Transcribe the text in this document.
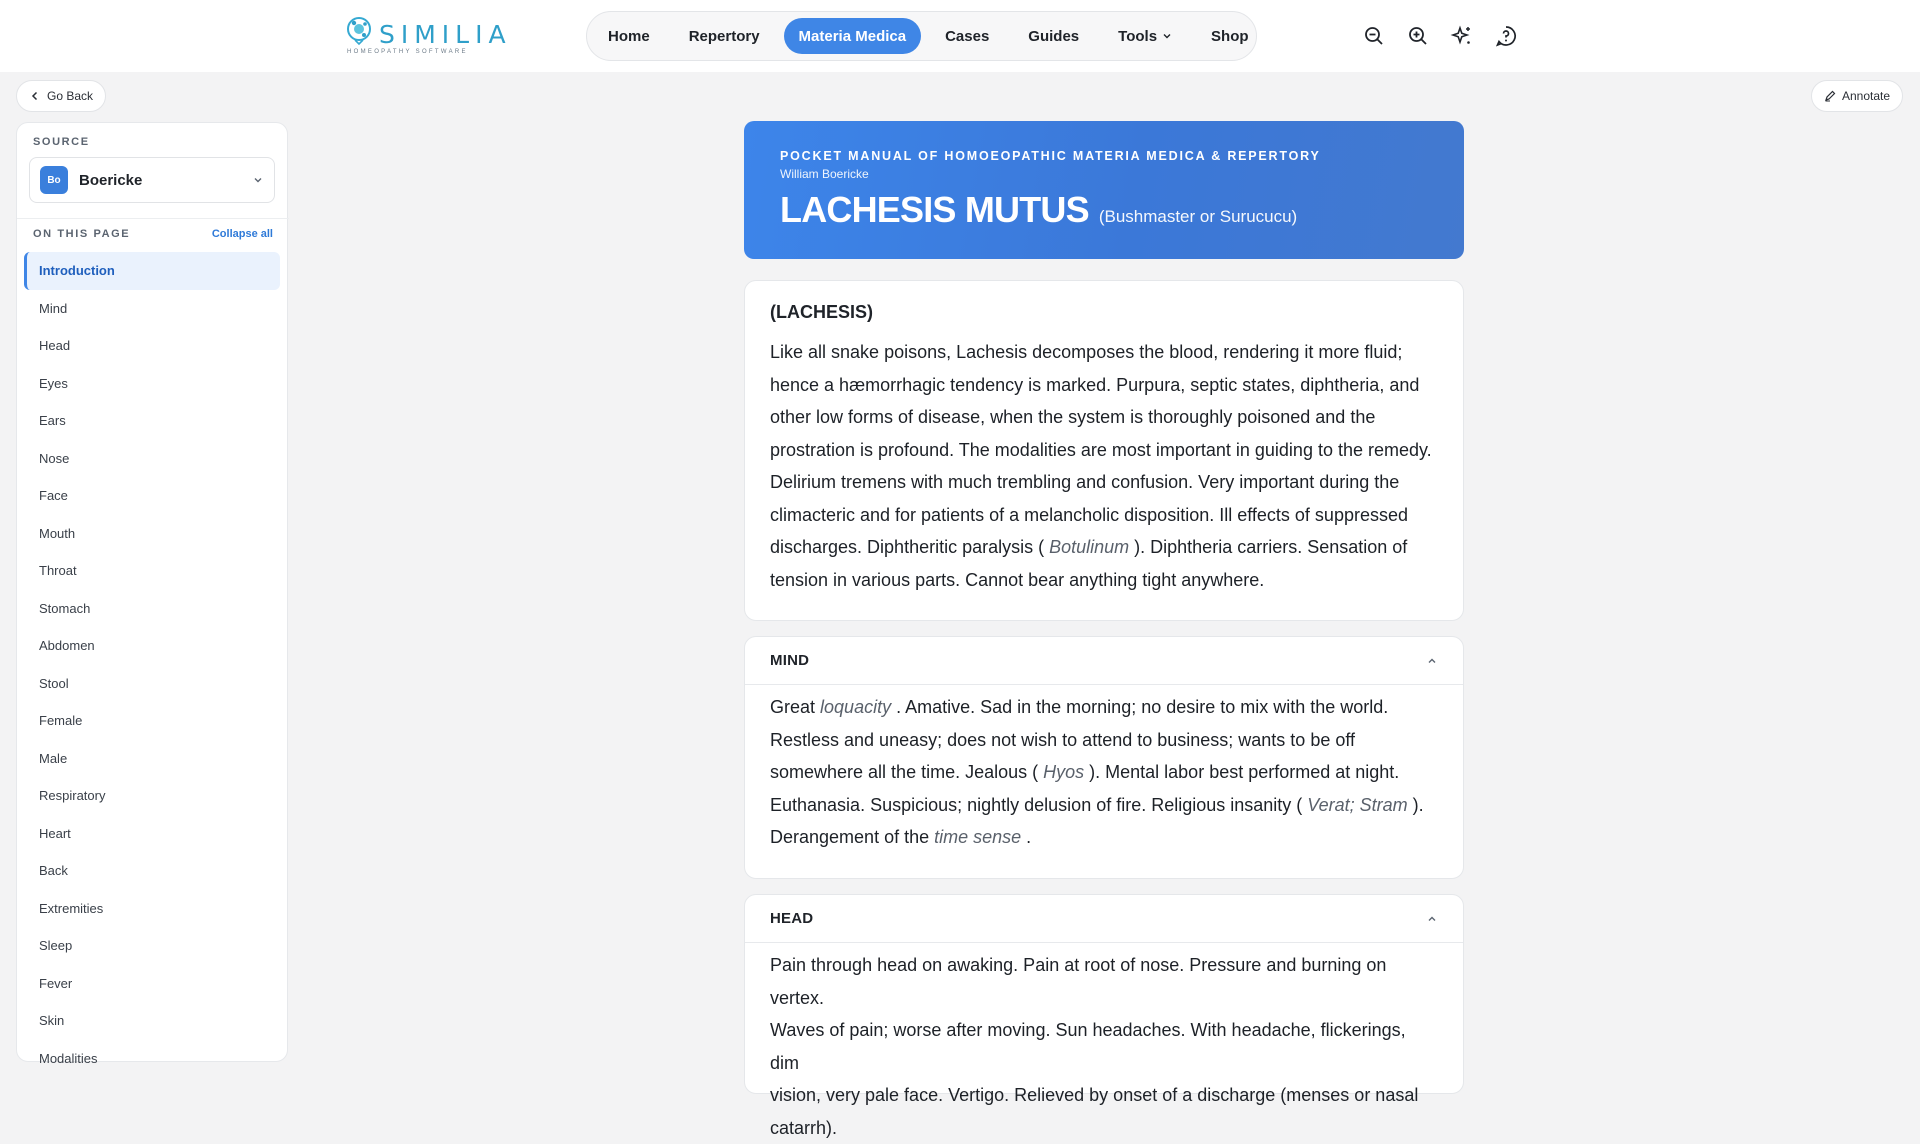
SIMILIA
HOMEOPATHY SOFTWARE
Home	Repertory	Materia Medica	Cases	Guides	Tools	Shop
Go Back	Annotate
SOURCE
Bo	Boericke
ON THIS PAGE	Collapse all
Introduction
Mind
Head
Eyes
Ears
Nose
Face
Mouth
Throat
Stomach
Abdomen
Stool
Female
Male
Respiratory
Heart
Back
Extremities
Sleep
Fever
Skin
Modalities
POCKET MANUAL OF HOMOEOPATHIC MATERIA MEDICA & REPERTORY
William Boericke
LACHESIS MUTUS (Bushmaster or Surucucu)
(LACHESIS)
Like all snake poisons, Lachesis decomposes the blood, rendering it more fluid;
hence a hæmorrhagic tendency is marked. Purpura, septic states, diphtheria, and
other low forms of disease, when the system is thoroughly poisoned and the
prostration is profound. The modalities are most important in guiding to the remedy.
Delirium tremens with much trembling and confusion. Very important during the
climacteric and for patients of a melancholic disposition. Ill effects of suppressed
discharges. Diphtheritic paralysis ( Botulinum ). Diphtheria carriers. Sensation of
tension in various parts. Cannot bear anything tight anywhere.
MIND
Great loquacity . Amative. Sad in the morning; no desire to mix with the world.
Restless and uneasy; does not wish to attend to business; wants to be off
somewhere all the time. Jealous ( Hyos ). Mental labor best performed at night.
Euthanasia. Suspicious; nightly delusion of fire. Religious insanity ( Verat; Stram ).
Derangement of the time sense .
HEAD
Pain through head on awaking. Pain at root of nose. Pressure and burning on vertex.
Waves of pain; worse after moving. Sun headaches. With headache, flickerings, dim
vision, very pale face. Vertigo. Relieved by onset of a discharge (menses or nasal
catarrh).
